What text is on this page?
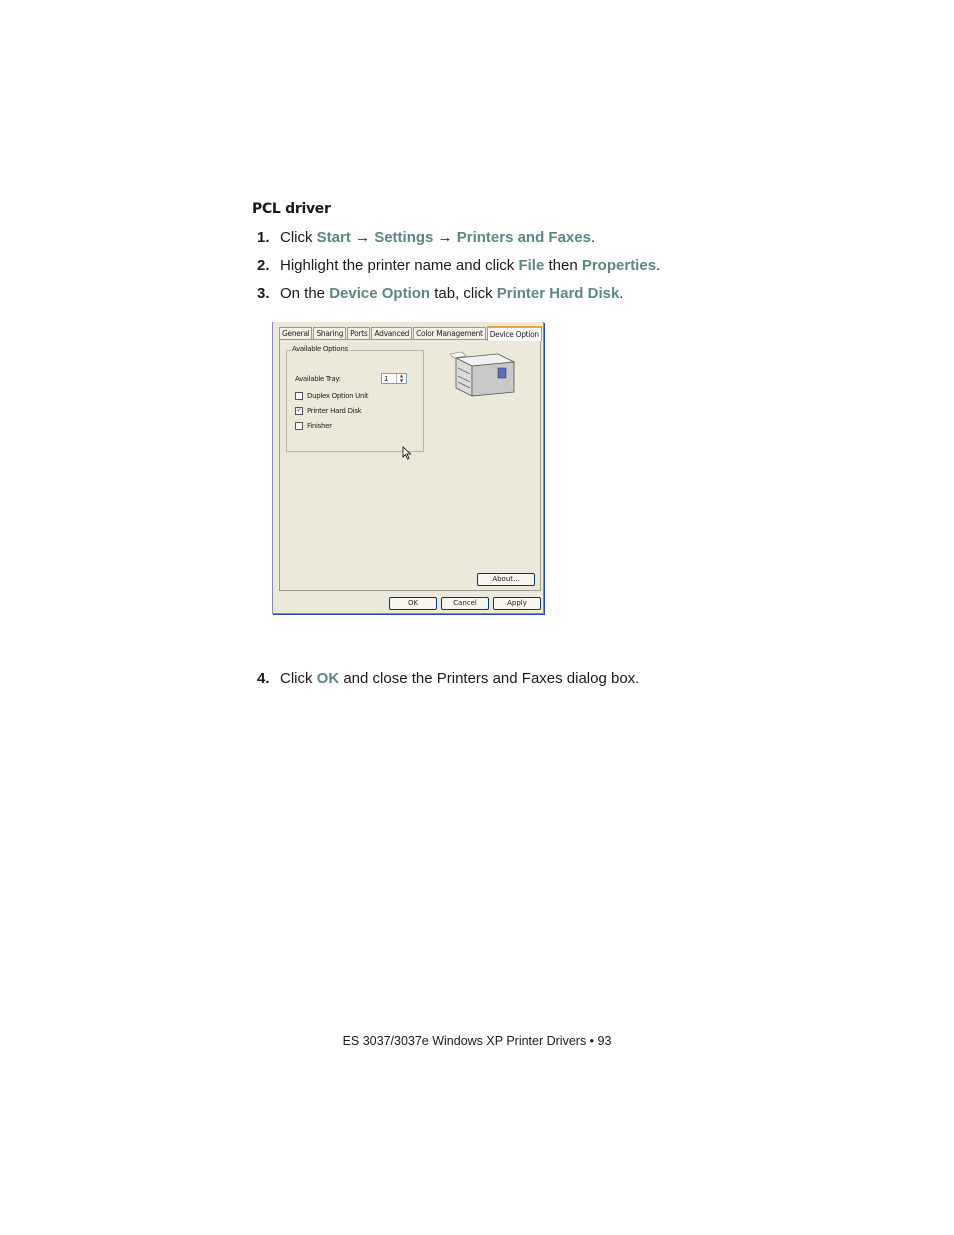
PCL driver
1. Click Start → Settings → Printers and Faxes.
2. Highlight the printer name and click File then Properties.
3. On the Device Option tab, click Printer Hard Disk.
General Sharing Ports Advanced Color Management Device Option
Available Options
Available Tray:	1	▲
▼
Duplex Option Unit
✓ Printer Hard Disk
Finisher
About...
OK	Cancel	Apply
4. Click OK and close the Printers and Faxes dialog box.
ES 3037/3037e Windows XP Printer Drivers • 93
